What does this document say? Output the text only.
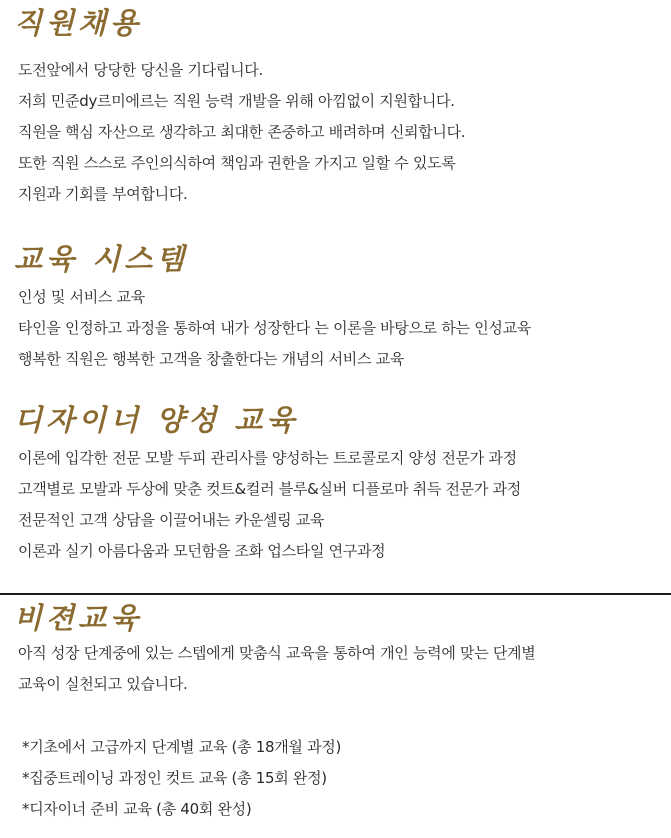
직원채용
도전앞에서 당당한 당신을 기다립니다.
저희 민준dy르미에르는 직원 능력 개발을 위해 아낌없이 지원합니다.
직원을 핵심 자산으로 생각하고 최대한 존중하고 배려하며 신뢰합니다.
또한 직원 스스로 주인의식하여 책임과 권한을 가지고 일할 수 있도록
지원과 기회를 부여합니다.
교육 시스템
인성 및 서비스 교육
타인을 인정하고 과정을 통하여 내가 성장한다 는 이론을 바탕으로 하는 인성교육
행복한 직원은 행복한 고객을 창출한다는 개념의 서비스 교육
디자이너 양성 교육
이론에 입각한 전문 모발 두피 관리사를 양성하는 트로콜로지 양성 전문가 과정
고객별로 모발과 두상에 맞춘 컷트&컬러 블루&실버 디플로마 취득 전문가 과정
전문적인 고객 상담을 이끌어내는 카운셀링 교육
이론과 실기 아름다움과 모던함을 조화 업스타일 연구과정
비젼교육
아직 성장 단계중에 있는 스텝에게 맞춤식 교육을 통하여 개인 능력에 맞는 단계별
교육이 실천되고 있습니다.
*기초에서 고급까지 단계별 교육 (총 18개월 과정)
*집중트레이닝 과정인 컷트 교육 (총 15회 완정)
*디자이너 준비 교육 (총 40회 완성)
